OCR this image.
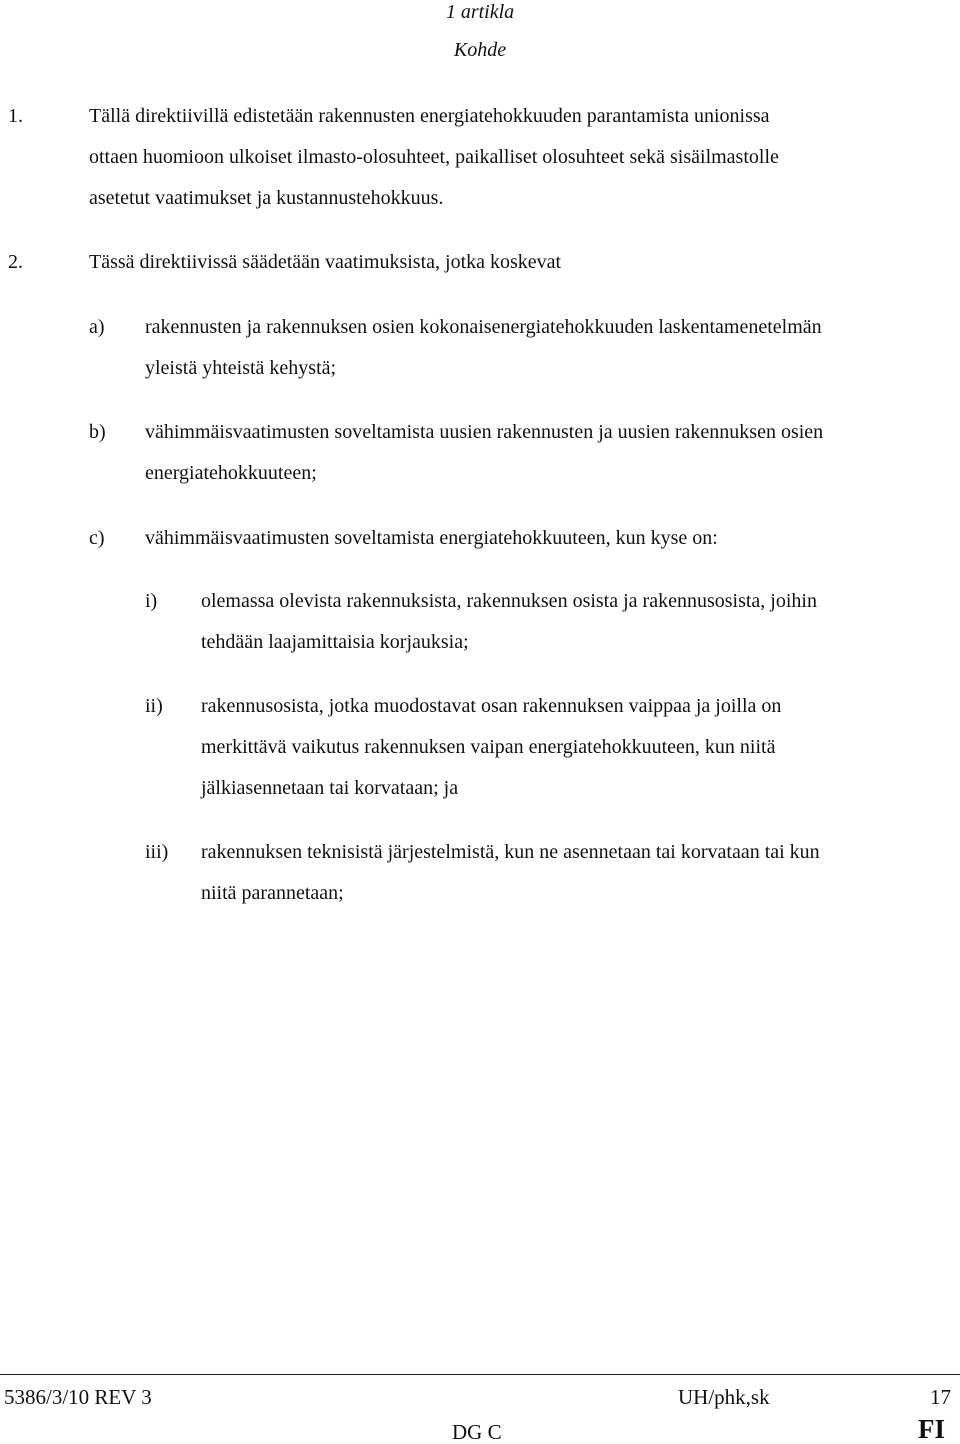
1 artikla
Kohde
1.	Tällä direktiivillä edistetään rakennusten energiatehokkuuden parantamista unionissa
ottaen huomioon ulkoiset ilmasto-olosuhteet, paikalliset olosuhteet sekä sisäilmastolle
asetetut vaatimukset ja kustannustehokkuus.
2.	Tässä direktiivissä säädetään vaatimuksista, jotka koskevat
a) rakennusten ja rakennuksen osien kokonaisenergiatehokkuuden laskentamenetelmän
yleistä yhteistä kehystä;
b) vähimmäisvaatimusten soveltamista uusien rakennusten ja uusien rakennuksen osien
energiatehokkuuteen;
c) vähimmäisvaatimusten soveltamista energiatehokkuuteen, kun kyse on:
i) olemassa olevista rakennuksista, rakennuksen osista ja rakennusosista, joihin
tehdään laajamittaisia korjauksia;
ii) rakennusosista, jotka muodostavat osan rakennuksen vaippaa ja joilla on
merkittävä vaikutus rakennuksen vaipan energiatehokkuuteen, kun niitä
jälkiasennetaan tai korvataan; ja
iii) rakennuksen teknisistä järjestelmistä, kun ne asennetaan tai korvataan tai kun
niitä parannetaan;
5386/3/10 REV 3	UH/phk,sk	17
DG C	FI
